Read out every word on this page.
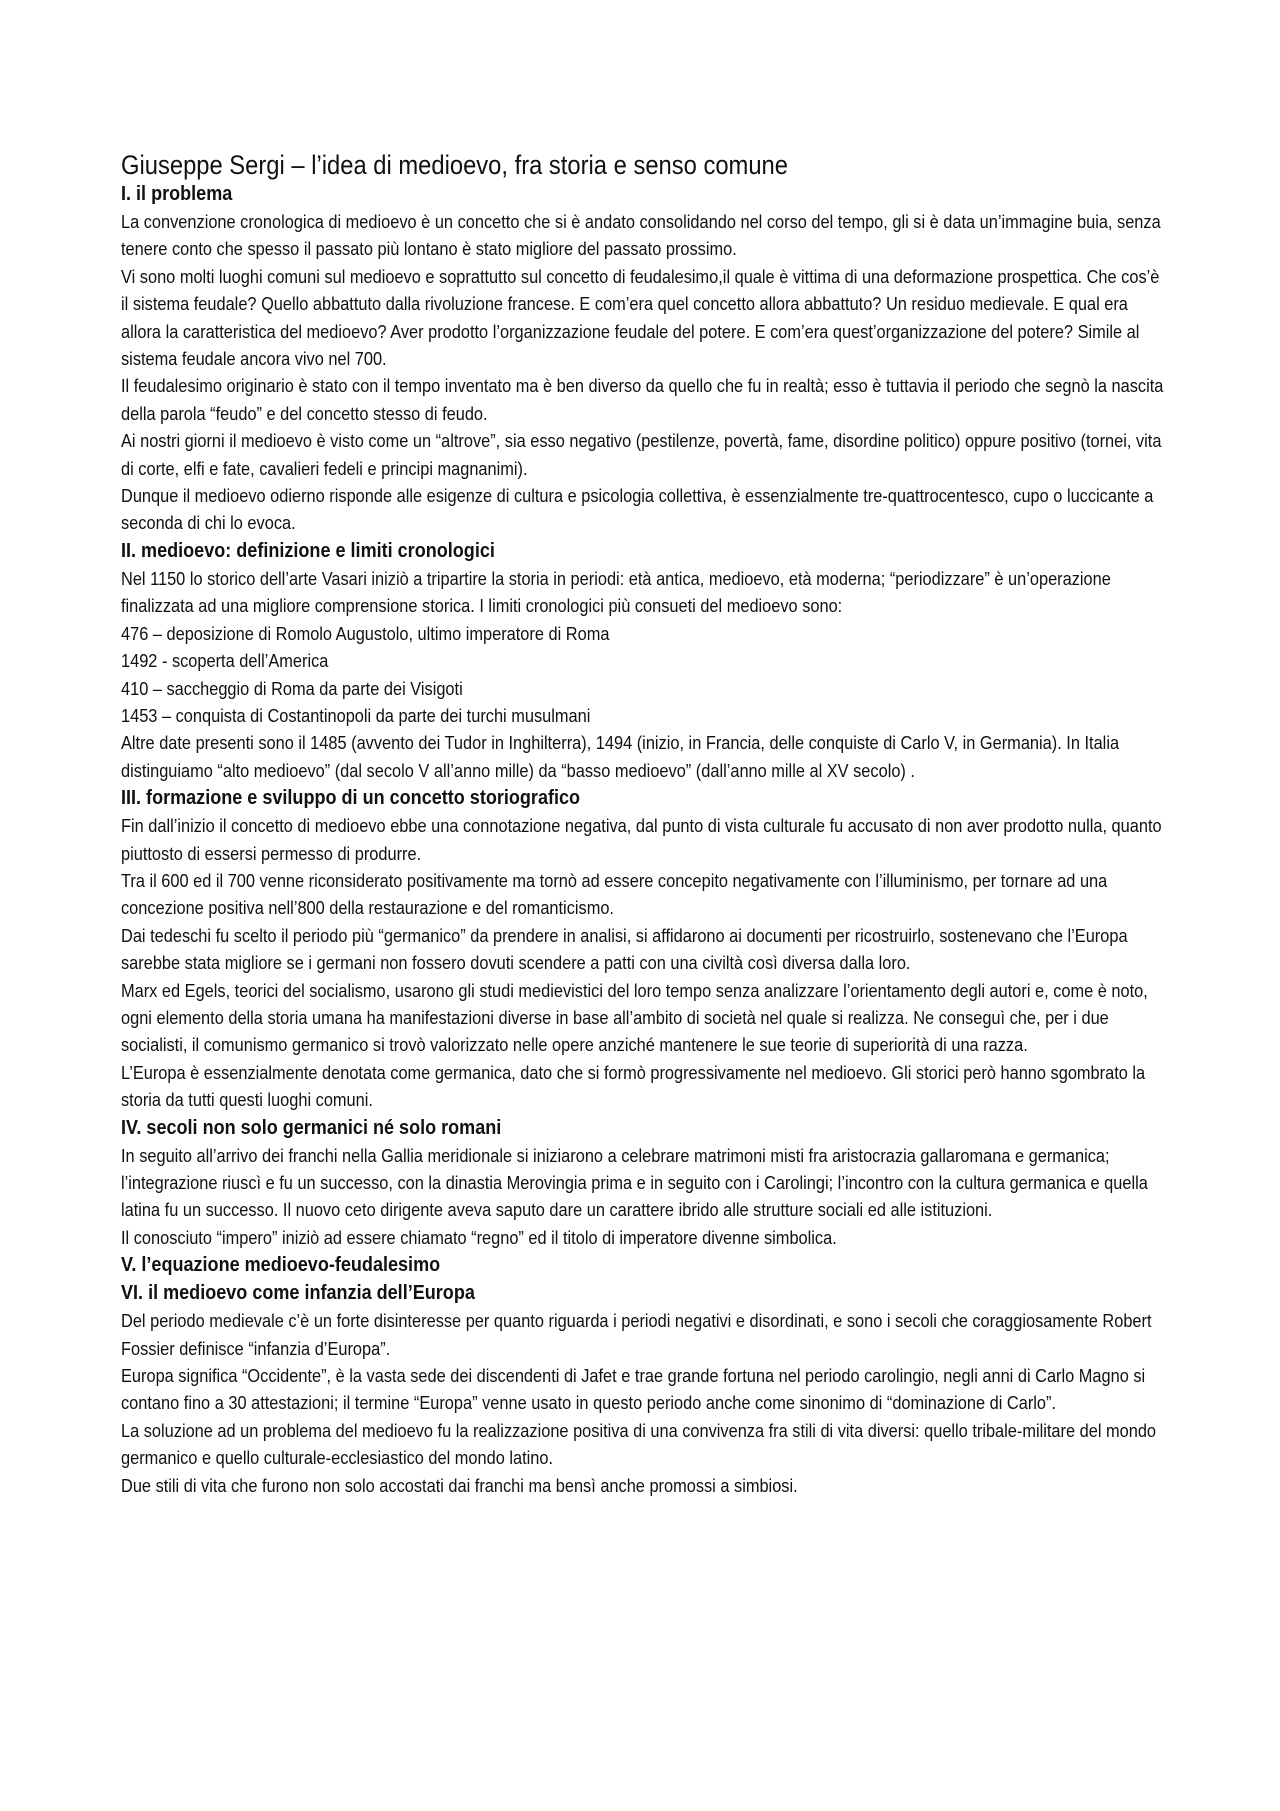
Giuseppe Sergi – l’idea di medioevo, fra storia e senso comune
I. il problema

La convenzione cronologica di medioevo è un concetto che si è andato consolidando nel corso del tempo, gli si è data un’immagine buia, senza tenere conto che spesso il passato più lontano è stato migliore del passato prossimo.

Vi sono molti luoghi comuni sul medioevo e soprattutto sul concetto di feudalesimo,il quale è vittima di una deformazione prospettica. Che cos’è il sistema feudale? Quello abbattuto dalla rivoluzione francese. E com’era quel concetto allora abbattuto? Un residuo medievale. E qual era allora la caratteristica del medioevo? Aver prodotto l’organizzazione feudale del potere. E com’era quest’organizzazione del potere? Simile al sistema feudale ancora vivo nel 700.

Il feudalesimo originario è stato con il tempo inventato ma è ben diverso da quello che fu in realtà; esso è tuttavia il periodo che segnò la nascita della parola “feudo” e del concetto stesso di feudo.

Ai nostri giorni il medioevo è visto come un “altrove”, sia esso negativo (pestilenze, povertà, fame, disordine politico) oppure positivo (tornei, vita di corte, elfi e fate, cavalieri fedeli e principi magnanimi).

Dunque il medioevo odierno risponde alle esigenze di cultura e psicologia collettiva, è essenzialmente tre-quattrocentesco, cupo o luccicante a seconda di chi lo evoca.

II. medioevo: definizione e limiti cronologici

Nel 1150 lo storico dell’arte Vasari iniziò a tripartire la storia in periodi: età antica, medioevo, età moderna; “periodizzare” è un’operazione finalizzata ad una migliore comprensione storica. I limiti cronologici più consueti del medioevo sono:

476 – deposizione di Romolo Augustolo, ultimo imperatore di Roma

1492 - scoperta dell’America

410 – saccheggio di Roma da parte dei Visigoti

1453 – conquista di Costantinopoli da parte dei turchi musulmani

Altre date presenti sono il 1485 (avvento dei Tudor in Inghilterra), 1494 (inizio, in Francia, delle conquiste di Carlo V, in Germania). In Italia distinguiamo “alto medioevo” (dal secolo V all’anno mille) da “basso medioevo” (dall’anno mille al XV secolo) .

III. formazione e sviluppo di un concetto storiografico

Fin dall’inizio il concetto di medioevo ebbe una connotazione negativa, dal punto di vista culturale fu accusato di non aver prodotto nulla, quanto piuttosto di essersi permesso di produrre.

Tra il 600 ed il 700 venne riconsiderato positivamente ma tornò ad essere concepito negativamente con l’illuminismo, per tornare ad una concezione positiva nell’800 della restaurazione e del romanticismo.

Dai tedeschi fu scelto il periodo più “germanico” da prendere in analisi, si affidarono ai documenti per ricostruirlo, sostenevano che l’Europa sarebbe stata migliore se i germani non fossero dovuti scendere a patti con una civiltà così diversa dalla loro.

Marx ed Egels, teorici del socialismo, usarono gli studi medievistici del loro tempo senza analizzare l’orientamento degli autori e, come è noto, ogni elemento della storia umana ha manifestazioni diverse in base all’ambito di società nel quale si realizza. Ne conseguì che, per i due socialisti, il comunismo germanico si trovò valorizzato nelle opere anziché mantenere le sue teorie di superiorità di una razza.

L’Europa è essenzialmente denotata come germanica, dato che si formò progressivamente nel medioevo. Gli storici però hanno sgombrato la storia da tutti questi luoghi comuni.

IV. secoli non solo germanici né solo romani

In seguito all’arrivo dei franchi nella Gallia meridionale si iniziarono a celebrare matrimoni misti fra aristocrazia gallaromana e germanica; l’integrazione riuscì e fu un successo, con la dinastia Merovingia prima e in seguito con i Carolingi; l’incontro con la cultura germanica e quella latina fu un successo. Il nuovo ceto dirigente aveva saputo dare un carattere ibrido alle strutture sociali ed alle istituzioni.

Il conosciuto “impero” iniziò ad essere chiamato “regno” ed il titolo di imperatore divenne simbolica.

V. l’equazione medioevo-feudalesimo
VI. il medioevo come infanzia dell’Europa

Del periodo medievale c’è un forte disinteresse per quanto riguarda i periodi negativi e disordinati, e sono i secoli che coraggiosamente Robert Fossier definisce “infanzia d’Europa”.

Europa significa “Occidente”, è la vasta sede dei discendenti di Jafet e trae grande fortuna nel periodo carolingio, negli anni di Carlo Magno si contano fino a 30 attestazioni; il termine “Europa” venne usato in questo periodo anche come sinonimo di “dominazione di Carlo”.

La soluzione ad un problema del medioevo fu la realizzazione positiva di una convivenza fra stili di vita diversi: quello tribale-militare del mondo germanico e quello culturale-ecclesiastico del mondo latino.

Due stili di vita che furono non solo accostati dai franchi ma bensì anche promossi a simbiosi.
